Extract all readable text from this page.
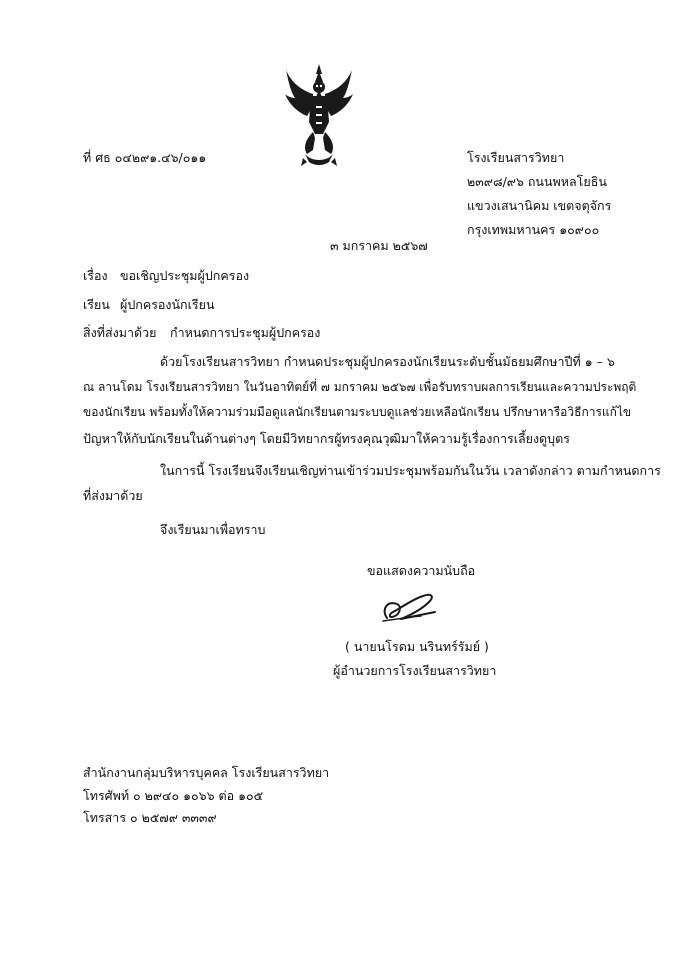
ที่ ศธ ๐๔๒๙๑.๔๖/๐๑๑	โรงเรียนสารวิทยา
๒๓๙๘/๙๖ ถนนพหลโยธิน
แขวงเสนานิคม เขตจตุจักร
กรุงเทพมหานคร ๑๐๙๐๐
๓ มกราคม ๒๕๖๗
เรื่อง ขอเชิญประชุมผู้ปกครอง
เรียน ผู้ปกครองนักเรียน
สิ่งที่ส่งมาด้วย กำหนดการประชุมผู้ปกครอง
ด้วยโรงเรียนสารวิทยา กำหนดประชุมผู้ปกครองนักเรียนระดับชั้นมัธยมศึกษาปีที่ ๑ – ๖
ณ ลานโดม โรงเรียนสารวิทยา ในวันอาทิตย์ที่ ๗ มกราคม ๒๕๖๗ เพื่อรับทราบผลการเรียนและความประพฤติ
ของนักเรียน พร้อมทั้งให้ความร่วมมือดูแลนักเรียนตามระบบดูแลช่วยเหลือนักเรียน ปรึกษาหารือวิธีการแก้ไข
ปัญหาให้กับนักเรียนในด้านต่างๆ โดยมีวิทยากรผู้ทรงคุณวุฒิมาให้ความรู้เรื่องการเลี้ยงดูบุตร
ในการนี้ โรงเรียนจึงเรียนเชิญท่านเข้าร่วมประชุมพร้อมกันในวัน เวลาดังกล่าว ตามกำหนดการ
ที่ส่งมาด้วย
จึงเรียนมาเพื่อทราบ
ขอแสดงความนับถือ
( นายนโรดม นรินทร์รัมย์ )
ผู้อำนวยการโรงเรียนสารวิทยา
สำนักงานกลุ่มบริหารบุคคล โรงเรียนสารวิทยา
โทรศัพท์ ๐ ๒๙๔๐ ๑๐๖๖ ต่อ ๑๐๕
โทรสาร ๐ ๒๕๗๙ ๓๓๓๙
